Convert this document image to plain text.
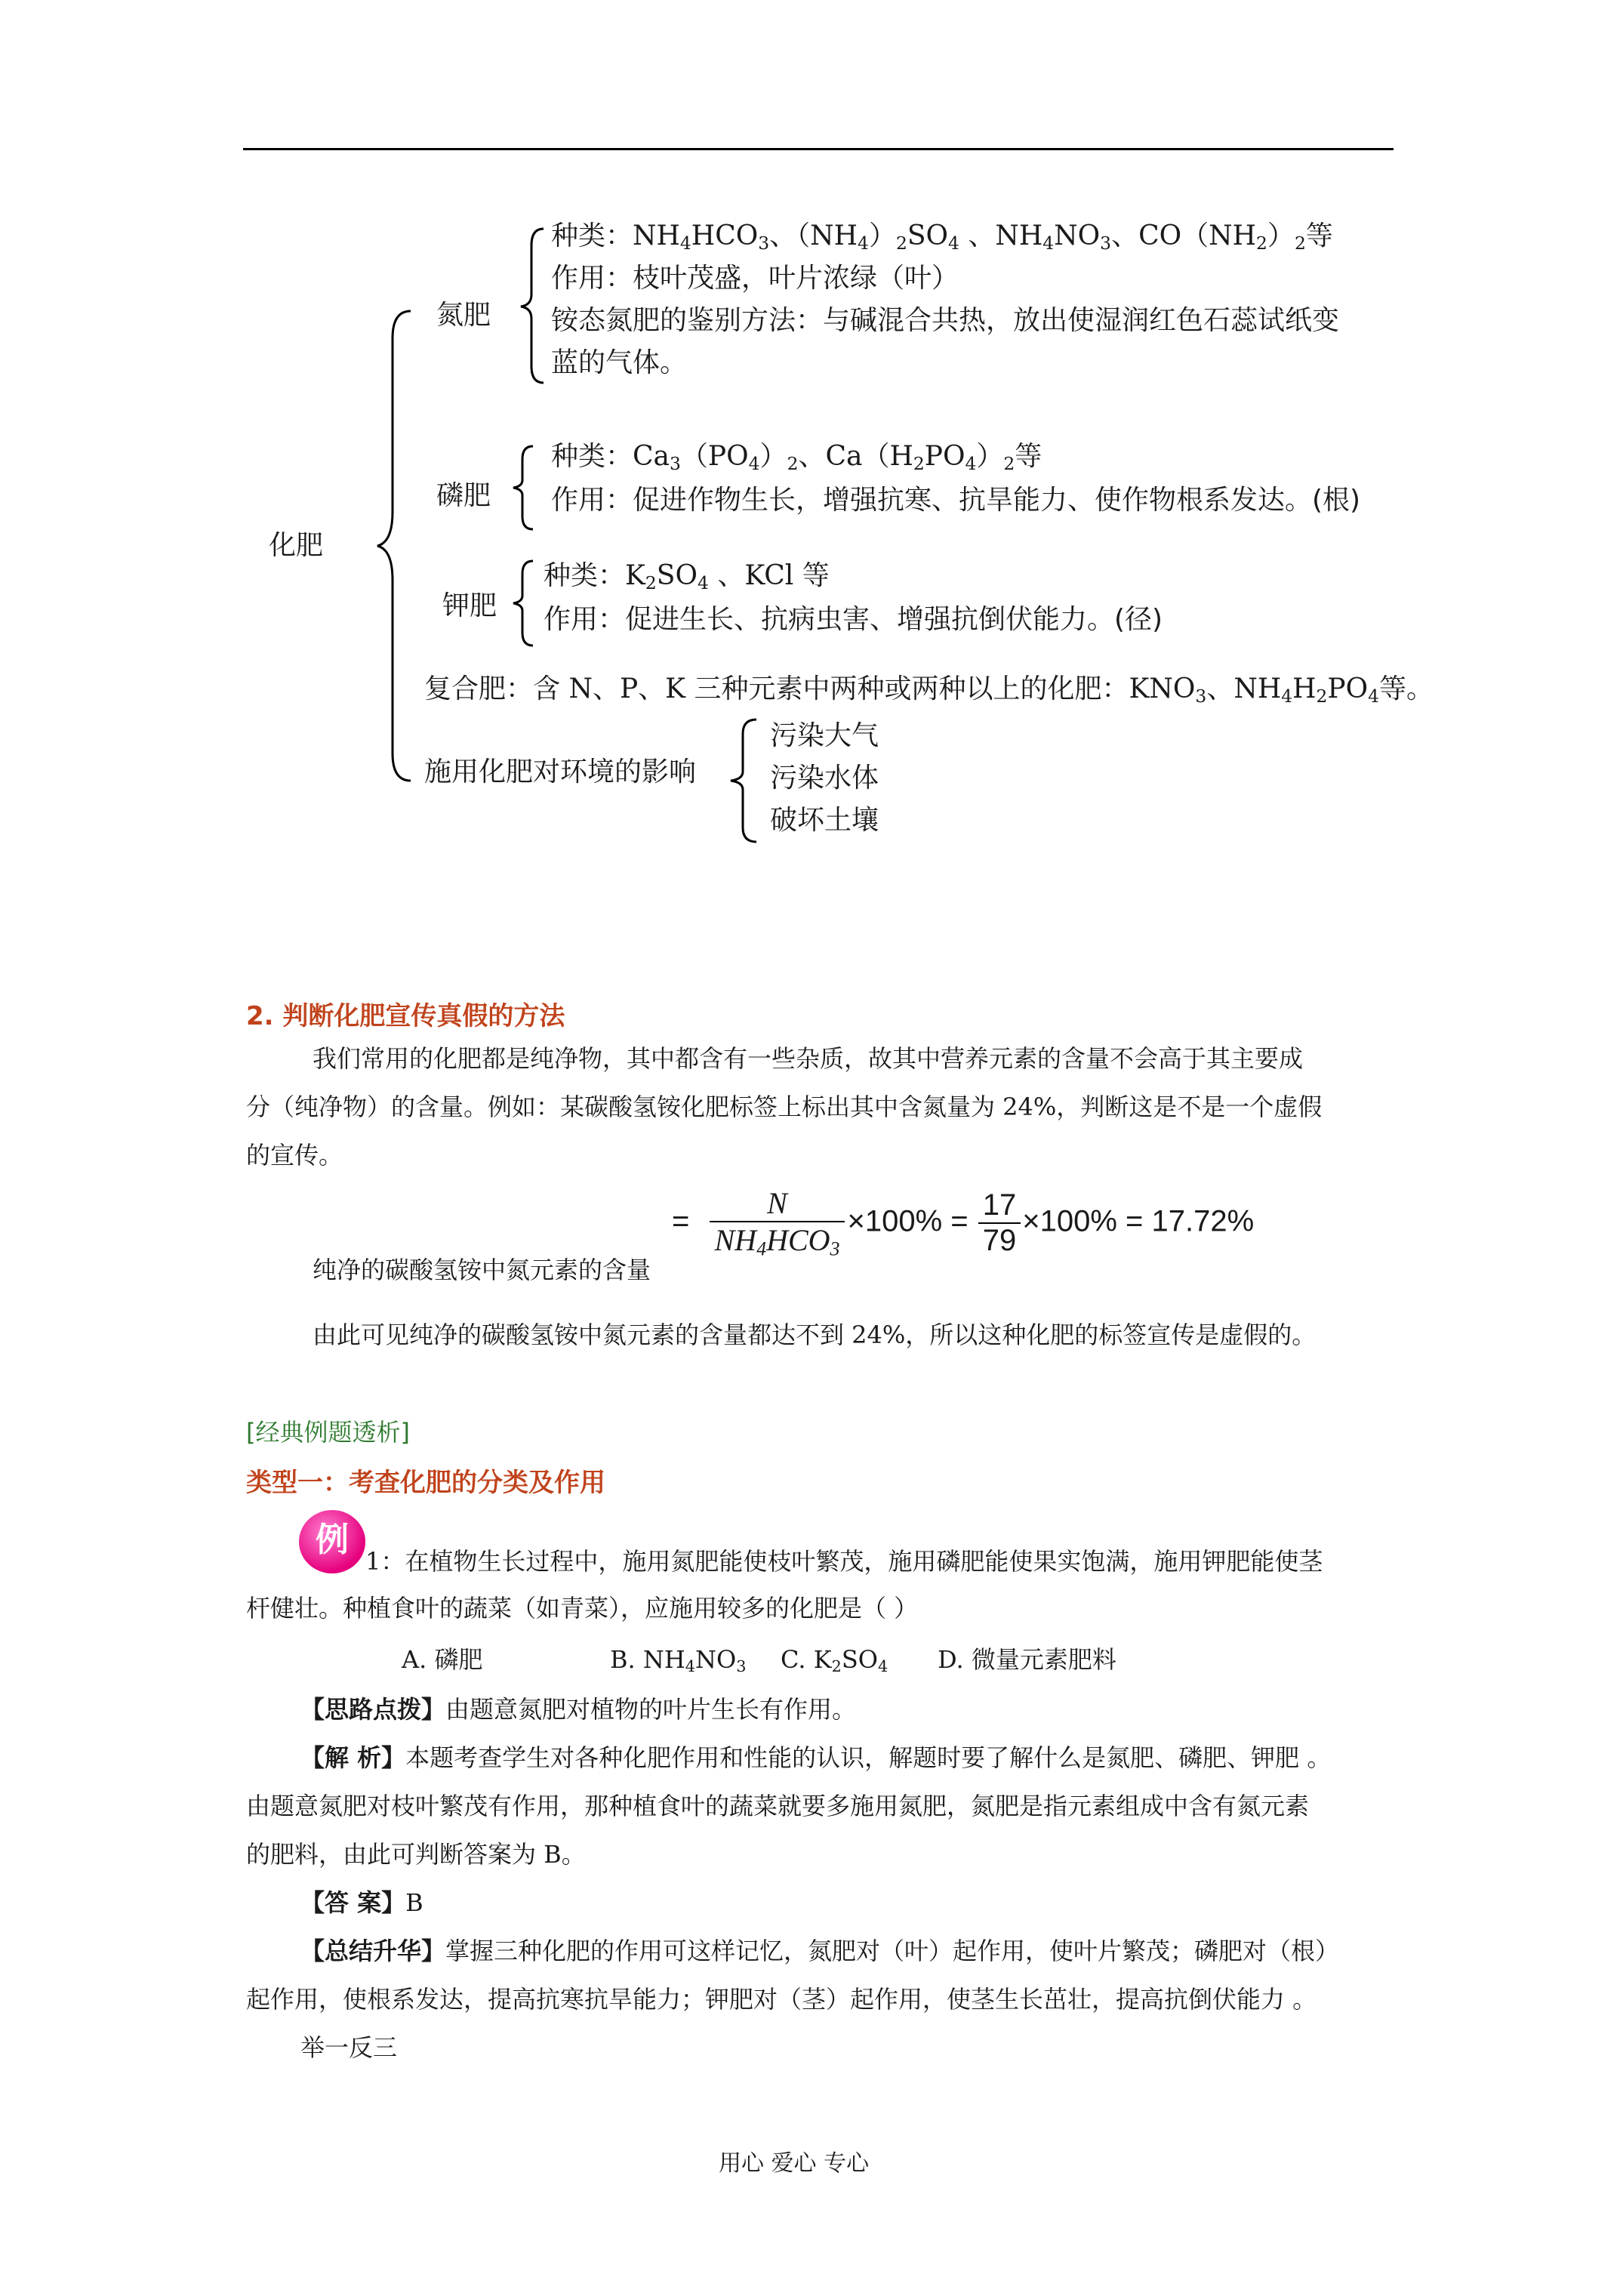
化肥
氮肥
种类：$NH_4HCO_3$、$(NH_4)_2SO_4$ 、$NH_4NO_3$、$CO(NH_2)_2$等
作用：枝叶茂盛，叶片浓绿（叶）
铵态氮肥的鉴别方法：与碱混合共热，放出使湿润红色石蕊试纸变
蓝的气体。
磷肥
种类：$Ca_3(PO_4)_2$、$Ca(H_2PO_4)_2$等
作用：促进作物生长，增强抗寒、抗旱能力、使作物根系发达。(根)
钾肥
种类：$K_2SO_4$ 、KCl 等
作用：促进生长、抗病虫害、增强抗倒伏能力。(径)
复合肥：含 N、P、K 三种元素中两种或两种以上的化肥：$KNO_3$、$NH_4H_2PO_4$等。
施用化肥对环境的影响
污染大气
污染水体
破坏土壤
2. 判断化肥宣传真假的方法
我们常用的化肥都是纯净物，其中都含有一些杂质，故其中营养元素的含量不会高于其主要成
分（纯净物）的含量。例如：某碳酸氢铵化肥标签上标出其中含氮量为 24%，判断这是不是一个虚假
的宣传。
纯净的碳酸氢铵中氮元素的含量
= $\frac{N}{NH_4HCO_3} \times 100\% = \frac{17}{79} \times 100\% = 17.72\%$
由此可见纯净的碳酸氢铵中氮元素的含量都达不到 24%，所以这种化肥的标签宣传是虚假的。
[经典例题透析]
类型一：考查化肥的分类及作用
例
1：在植物生长过程中，施用氮肥能使枝叶繁茂，施用磷肥能使果实饱满，施用钾肥能使茎
杆健壮。种植食叶的蔬菜（如青菜），应施用较多的化肥是（ ）
A. 磷肥	B. $NH_4NO_3$ C. $K_2SO_4$ D. 微量元素肥料
【思路点拨】由题意氮肥对植物的叶片生长有作用。
【解 析】本题考查学生对各种化肥作用和性能的认识，解题时要了解什么是氮肥、磷肥、钾肥 。
由题意氮肥对枝叶繁茂有作用，那种植食叶的蔬菜就要多施用氮肥，氮肥是指元素组成中含有氮元素
的肥料，由此可判断答案为 B。
【答 案】B
【总结升华】掌握三种化肥的作用可这样记忆，氮肥对（叶）起作用，使叶片繁茂；磷肥对（根）
起作用，使根系发达，提高抗寒抗旱能力；钾肥对（茎）起作用，使茎生长茁壮，提高抗倒伏能力 。
举一反三
用心 爱心 专心
